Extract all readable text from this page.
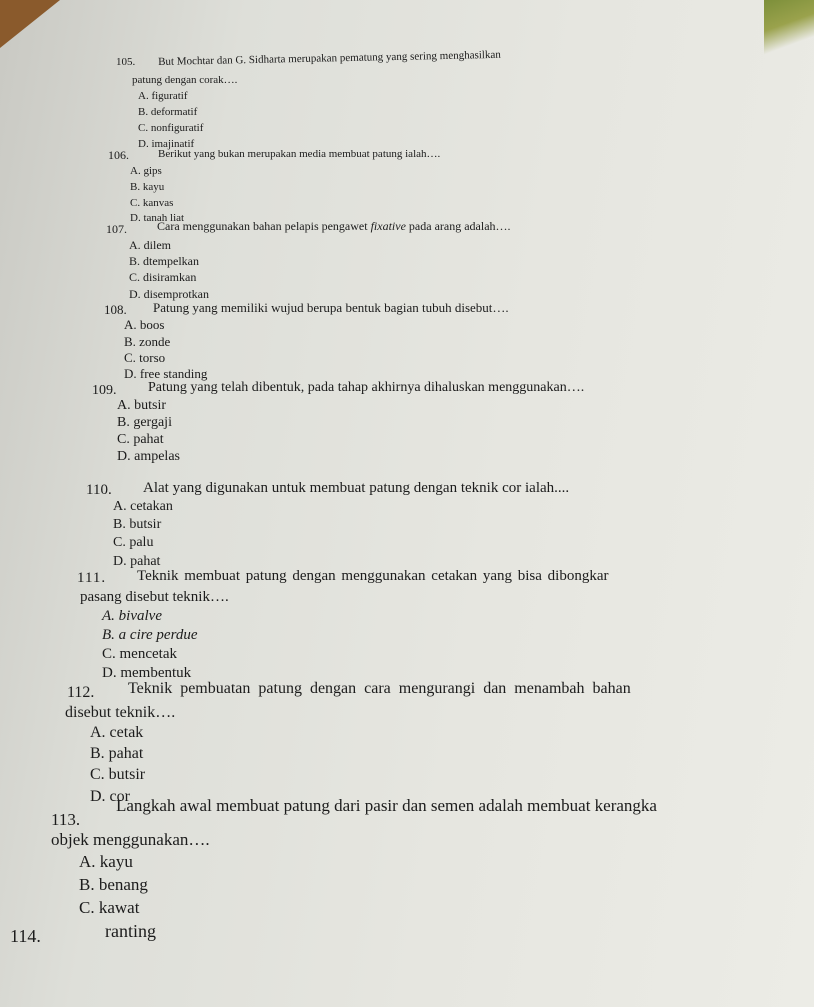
105. But Mochtar dan G. Sidharta merupakan pematung yang sering menghasilkan
patung dengan corak….
A. figuratif
B. deformatif
C. nonfiguratif
D. imajinatif
106.	Berikut yang bukan merupakan media membuat patung ialah….
A. gips
B. kayu
C. kanvas
D. tanah liat
107.	Cara menggunakan bahan pelapis pengawet fixative pada arang adalah….
A. dilem
B. dtempelkan
C. disiramkan
D. disemprotkan
108. Patung yang memiliki wujud berupa bentuk bagian tubuh disebut….
A. boos
B. zonde
C. torso
D. free standing
109. Patung yang telah dibentuk, pada tahap akhirnya dihaluskan menggunakan….
A. butsir
B. gergaji
C. pahat
D. ampelas
110. Alat yang digunakan untuk membuat patung dengan teknik cor ialah....
A. cetakan
B. butsir
C. palu
D. pahat
111. Teknik membuat patung dengan menggunakan cetakan yang bisa dibongkar
pasang disebut teknik….
A. bivalve
B. a cire perdue
C. mencetak
D. membentuk
112. Teknik pembuatan patung dengan cara mengurangi dan menambah bahan
disebut teknik….
A. cetak
B. pahat
C. butsir
D. cor
113.
Langkah awal membuat patung dari pasir dan semen adalah membuat kerangka
objek menggunakan….
A. kayu
B. benang
C. kawat
114.	ranting
